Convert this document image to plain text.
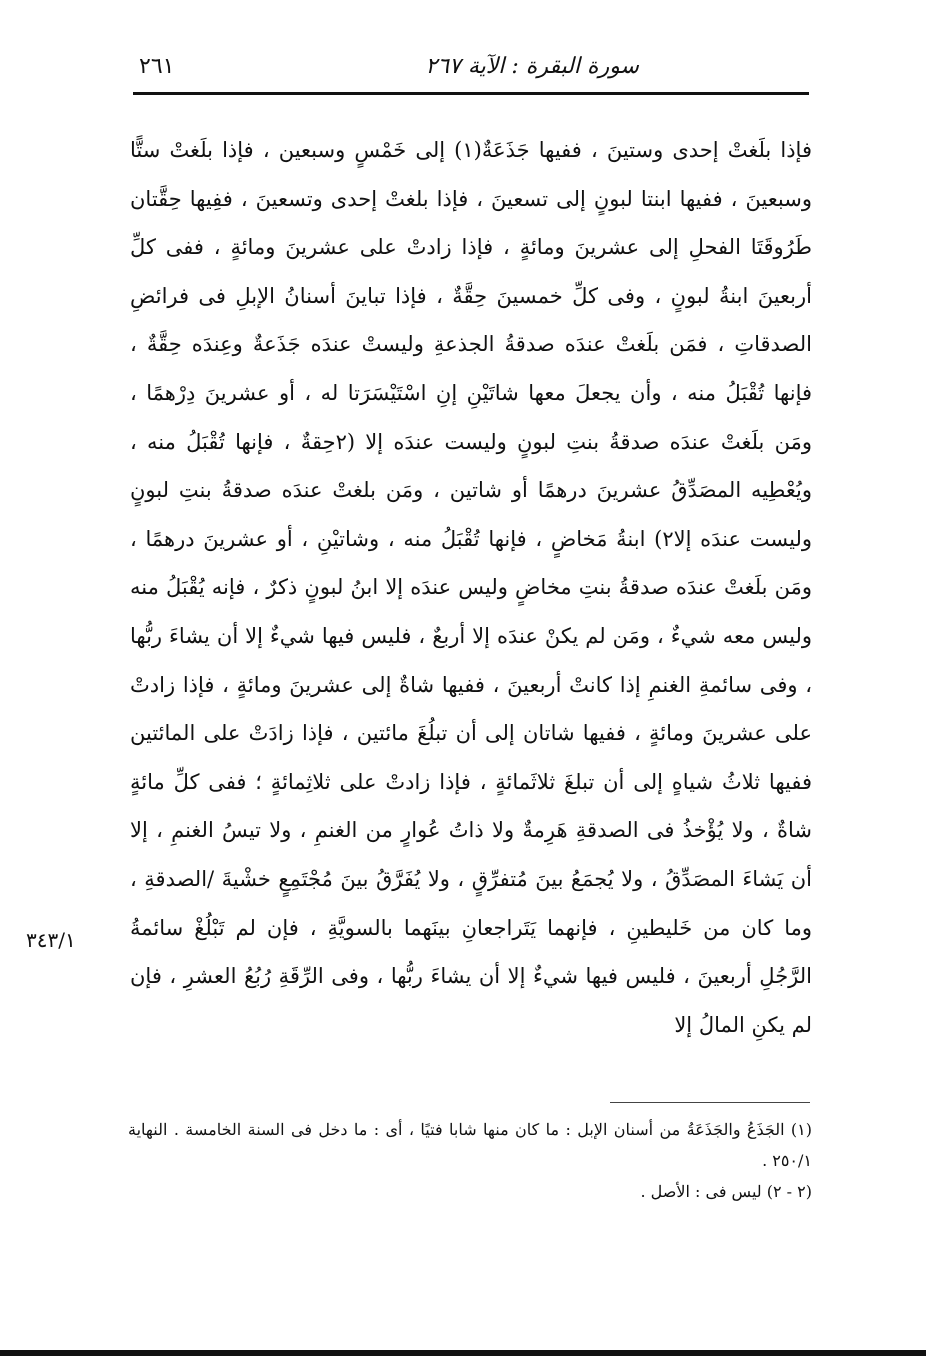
سورة البقرة : الآية ٢٦٧
٢٦١

فإذا بلَغتْ إحدى وستينَ ، ففيها جَذَعَةٌ(١) إلى خَمْسٍ وسبعين ، فإذا بلَغتْ ستًّا وسبعينَ ، ففيها ابنتا لبونٍ إلى تسعينَ ، فإذا بلغتْ إحدى وتسعينَ ، ففِيها حِقَّتان طَرُوقَتَا الفحلِ إلى عشرينَ ومائةٍ ، فإذا زادتْ على عشرينَ ومائةٍ ، ففى كلِّ أربعينَ ابنةُ لبونٍ ، وفى كلِّ خمسينَ حِقَّةٌ ، فإذا تباينَ أسنانُ الإبلِ فى فرائضِ الصدقاتِ ، فمَن بلَغتْ عندَه صدقةُ الجذعةِ وليستْ عندَه جَذَعةٌ وعِندَه حِقَّةٌ ، فإنها تُقْبَلُ منه ، وأن يجعلَ معها شاتَيْنِ إنِ اسْتَيْسَرَتا له ، أو عشرينَ دِرْهمًا ، ومَن بلَغتْ عندَه صدقةُ بنتِ لبونٍ وليست عندَه إلا (٢حِقةٌ ، فإنها تُقْبَلُ منه ، ويُعْطِيه المصَدِّقُ عشرينَ درهمًا أو شاتين ، ومَن بلغتْ عندَه صدقةُ بنتِ لبونٍ وليست عندَه إلا٢) ابنةُ مَخاضٍ ، فإنها تُقْبَلُ منه ، وشاتيْنِ ، أو عشرينَ درهمًا ، ومَن بلَغتْ عندَه صدقةُ بنتِ مخاضٍ وليس عندَه إلا ابنُ لبونٍ ذكرٌ ، فإنه يُقْبَلُ منه وليس معه شيءٌ ، ومَن لم يكنْ عندَه إلا أربعٌ ، فليس فيها شيءٌ إلا أن يشاءَ ربُّها ، وفى سائمةِ الغنمِ إذا كانتْ أربعينَ ، ففيها شاةٌ إلى عشرينَ ومائةٍ ، فإذا زادتْ على عشرينَ ومائةٍ ، ففيها شاتان إلى أن تبلُغَ مائتين ، فإذا زادَتْ على المائتين ففيها ثلاثُ شياهٍ إلى أن تبلغَ ثلاثَمائةٍ ، فإذا زادتْ على ثلاثِمائةٍ ؛ ففى كلِّ مائةٍ شاةٌ ، ولا يُؤْخذُ فى الصدقةِ هَرِمةٌ ولا ذاتُ عُوارٍ من الغنمِ ، ولا تيسُ الغنمِ ، إلا أن يَشاءَ المصَدِّقُ ، ولا يُجمَعُ بينَ مُتفرِّقٍ ، ولا يُفَرَّقُ بينَ مُجْتَمِعٍ خشْيةَ /الصدقةِ ، وما كان من خَليطينِ ، فإنهما يَتَراجعانِ بينَهما بالسويَّةِ ، فإن لم تَبْلُغْ سائمةُ الرَّجُلِ أربعينَ ، فليس فيها شيءٌ إلا أن يشاءَ ربُّها ، وفى الرِّقَةِ رُبُعُ العشرِ ، فإن لم يكنِ المالُ إلا

٣٤٣/١

(١) الجَذَعُ والجَذَعَةُ من أسنان الإبل : ما كان منها شابا فتيًا ، أى : ما دخل فى السنة الخامسة . النهاية ٢٥٠/١ .

(٢ - ٢) ليس فى : الأصل .
